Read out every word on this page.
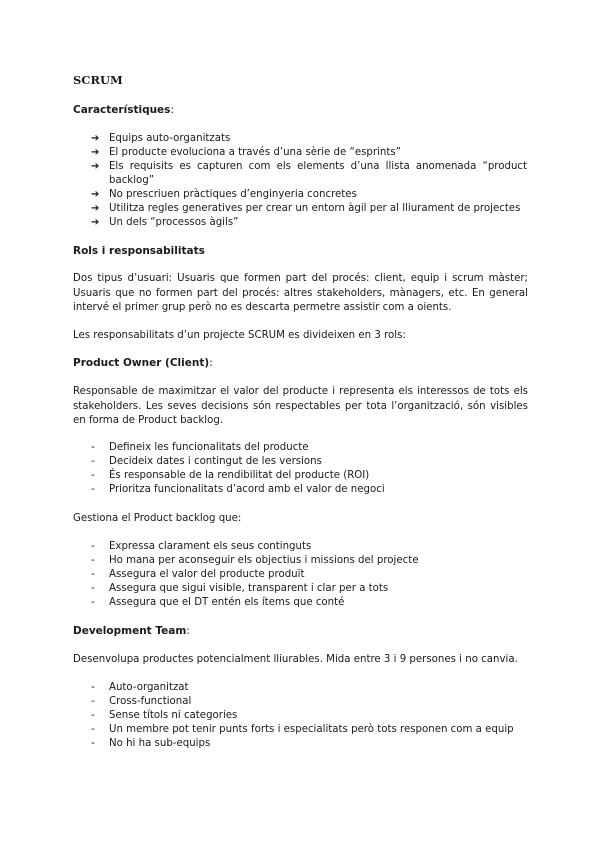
SCRUM
Característiques:
➔ Equips auto-organitzats
➔ El producte evoluciona a través d’una sèrie de “esprints”
➔ Els requisits es capturen com els elements d’una llista anomenada “product backlog”
➔ No prescriuen pràctiques d’enginyeria concretes
➔ Utilitza regles generatives per crear un entorn àgil per al lliurament de projectes
➔ Un dels “processos àgils”
Rols i responsabilitats

Dos tipus d’usuari: Usuaris que formen part del procés: client, equip i scrum màster; Usuaris que no formen part del procés: altres stakeholders, mànagers, etc. En general intervé el primer grup però no es descarta permetre assistir com a oients.

Les responsabilitats d’un projecte SCRUM es divideixen en 3 rols:

Product Owner (Client):

Responsable de maximitzar el valor del producte i representa els interessos de tots els stakeholders. Les seves decisions són respectables per tota l’organització, són visibles en forma de Product backlog.

- Defineix les funcionalitats del producte
- Decideix dates i contingut de les versions
- És responsable de la rendibilitat del producte (ROI)
- Prioritza funcionalitats d’acord amb el valor de negoci

Gestiona el Product backlog que:

- Expressa clarament els seus continguts
- Ho mana per aconseguir els objectius i missions del projecte
- Assegura el valor del producte produït
- Assegura que sigui visible, transparent i clar per a tots
- Assegura que el DT entén els ítems que conté
Development Team:

Desenvolupa productes potencialment lliurables. Mida entre 3 i 9 persones i no canvia.

- Auto-organitzat
- Cross-functional
- Sense títols ni categories
- Un membre pot tenir punts forts i especialitats però tots responen com a equip
- No hi ha sub-equips
